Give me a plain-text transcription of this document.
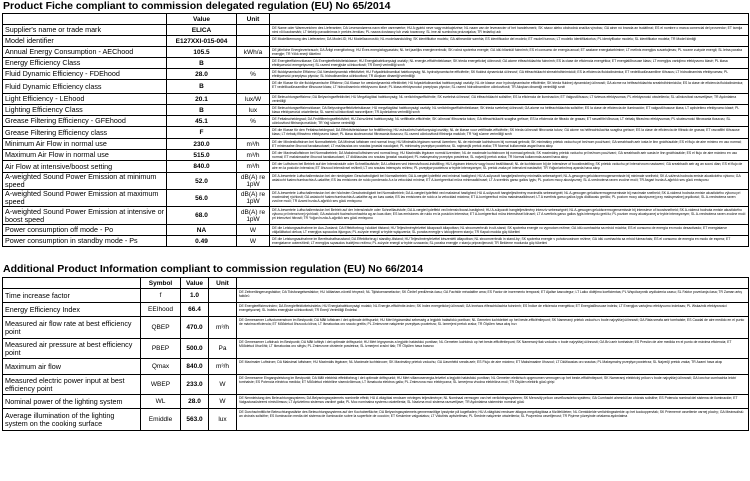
Product Fiche compliant to commission delegated regulation (EU) No 65/2014
	Value	Unit	
Supplier's name or trade mark	ELICA		DE Name oder Warenzeichen des Lieferanten; DA Leverandørens navn eller varemærke; HU A gyártó neve vagy márkajelzése; NL naam van de leverancier of het handelsmerk; SK názov alebo obchodná značka výrobcu; GA ainm nó branda an tsoláthraí; ES el nombre o marca comercial del proveedor; ET tarnija nimi või kaubamärk; LT tiekėjo pavadinimas ir prekės ženklas; PL nazwa dostawcy lub znak towarowy; SL ime ali sumbolna proizvajalca; TR tedarikçi adı
Model identifier	E127XXI-015-004		DE Modellkennung des Lieferanten; DA Model-ID; HU Modellazonosító; NL modelaanduiding; SK identifikátor modelu; GA aitheantóir samhla; ES identificador del modelo; ET mudeli tunnus; LT modelio identifikatorius; PL identyfikator modelu; SL identifikator modela; TR Model kimliği
Annual Energy Consumption - AEChood	105.5	kWh/a	DE jährliche Energieverbrauch; DA Årligt energiforbrug; HU Éves energiafogyasztás; NL het jaarlijks energieverbruik; SK ročná spotreba energie; GA ídiú bliantúil fuinnimh; ES el consumo de energía anual; ET aastane energiatarbimine; LT metinis energijos suvartojimas; PL roczne zużycie energii; SL letna poraba energije; TR Yıllık enerji tüketimi
Energy Efficiency Class	B		DE Energieeffizienzklasse; DA Energieeffektivitetsklasse; HU Energiahatékonysági osztály; NL energie-efficiëntieklasse; SK trieda energetickej účinnosti; GA aicme éifeachtúlachta fuinnimh; ES la clase de eficiencia energética; ET energiatõhususe klass; LT energijos vartojimo efektyvumo klasė; PL klasa efektywności energetycznej; SL razred energijske učinkovitosti; TR Enerji verimliliği sınıfı
Fluid Dynamic Efficiency - FDEhood	28.0	%	DE fluiddynamische Effizienz; DA Væskedynamisk effektivitet; HU Folyadékdinamikai hatékonyság; NL hydrodynamische efficiëntie; SK fluidná dynamická účinnosť; GA éifeachtúlacht shreabhdhinimiciúil; ES la eficiencia fluidodinámica; ET vedelikudünaamiline tõhusus; LT hidrodinaminis efektyvumas; PL efektywność przepływu płynów; SL hidrodinamična učinkovitost; TR Akışkan dinamiği verimliliği
Fluid Dynamic Efficiency class	B		DE die Klasse für die fluiddynamische Effizienz; DA Klasse for væskedynamisk effektivitet; HU folyadékdinamikai hatékonysági osztály; NL de klasse voor hydrodynamische efficiëntie; SK trieda fluidnej dynamickej účinnosti; GA aicme na héifeachtúlachta sreabhdhinimiciúla; ES la clase de eficiencia fluidodinámica; ET vedelikudünaamilise tõhususe klass; LT hidrodinaminio efektyvumo klasė; PL klasa efektywności przepływu płynów; SL razred hidrodinamične učinkovitosti; TR Akışkan dinamiği verimliliği sınıfı
Light Efficiency - LEhood	20.1	lux/W	DE Beleuchtungseffizienz; DA Belysningseffektivitet; HU Megvilágítási hatékonyság; NL verlichtingsefficiëntie; SK svetelná účinnosť; GA éifeachtúlacht soilsithe; ES la eficiencia de iluminación; ET Valgustõhusus; LT šviesos efektyvumas; PL efektywność oświetlenia; SL učinkovitost razsvetljave; TR Aydınlatma verimliliği
Lighting Efficiency Class	B	lux	DE Beleuchtungseffizienzklasse; DA Belysningseffektivitetsklasse; HU megvilágítási hatékonysági osztály; NL verlichtingsefficiëntieklasse; SK trieda svetelnej účinnosti; GA aicme na héifeachtúlachta soilsithe; ES la clase de eficiencia de iluminación; ET valgustõhususe klass; LT apšvietimo efektyvumo klasė; PL klasa efektywności oświetlenia; SL razred učinkovitosti razsvetljave; TR Aydınlatma verimliliği sınıfı
Grease Filtering Efficiency - GFEhood	45.1	%	DE Fettabscheidegrad; DA Fedtfiltreringseffektivitet; HU Zsírszűrési hatékonyság; NL vetfiltratie-efficiëntie; SK účinnosť filtrovania tukov; GA éifeachtúlacht scagtha gréisce; ES la eficiencia de filtrado de grasas; ET rasvafiltri tõhusus; LT riebalų filtravimo efektyvumas; PL skuteczność filtrowania tłuszczu; SL učinkovitost filtriranja maščob; TR Yağ süzme verimliliği
Grease Filtering Efficiency class	F		DE die Klasse für den Fettabscheidegrad; DA Effektivitetsklasse for fedtfiltrering; HU zsírszűrési hatékonysági osztály; NL de klasse voor vetfiltratie-efficiëntie; SK trieda účinnosti filtrovania tukov; GA aicme na héifeachtúlachta scagtha gréisce; ES la clase de eficiencia de filtrado de grasas; ET rasvafiltri tõhususe klass; LT riebalų filtravimo efektyvumo klasė; PL klasa skuteczności filtrowania tłuszczu; SL razred učinkovitosti filtriranja maščob; TR Yağ süzme verimliliği sınıfı
Minimum Air Flow in normal use	230.0	m³/h	DE der Mindestluftstrom bei Normalbetrieb; DA Minimal luftstrøm ved normal brug; HU Minimális légáram normál üzemben; NL de minimale luchtstroom bij normaal gebruik; SK minimálny prietok vzduchu pri bežnom používaní; GA sreabhadh aeir íosta le linn gnáthúsáide; ES el flujo de aire mínimo en uso normal; ET minimaalne õhuvool tavakasutusel; LT mažiausias oro srautas įprastai naudojant; PL minimalny przepływ powietrza; SL najmanjši pretok zraka; TR Normal kullanımda asgari hava akışı
Maximum Air Flow in normal use	515.0	m³/h	DE der Maximalluftstrom bei Normalbetrieb; DA Maksimal luftstrøm ved normal brug; HU Maximális légáram normál üzemben; NL de maximale luchtstroom bij normaal gebruik; SK maximálny prietok vzduchu pri bežnom používaní; GA sreabhadh aeir uasta le linn gnáthúsáide; ES el flujo de aire máximo en uso normal; ET maksimaalne õhuvool tavakasutusel; LT didžiausias oro srautas įprastai naudojant; PL maksymalny przepływ powietrza; SL največji pretok zraka; TR Normal kullanımda azami hava akışı
Air Flow at intensive/boost setting	840.0	m³/h	DE der Luftstrom bei Betrieb auf der Intensivstufe oder Schnelllaufstufe; DA Luftstrøm ved intensiv/boost-indstilling; HU Légáram intenzív vagy boost beállításnál; NL de luchtstroom bij de intensieve of boostinstelling; SK prietok vzduchu pri intenzívnom nastavení; GA sreabhadh aeir ag an socrú dian; ES el flujo de aire en la posición intensiva; ET õhuvool intensiivsel režiimil; LT oro srautas intensyviu režimu; PL przepływ powietrza w trybie intensywnym; SL pretok zraka pri intenzivni nastavitvi; TR Yoğun/artırılmış ayarda hava akışı
A-weighted Sound Power Emission at minimum speed	52.0	dB(A) re 1pW	DE A-bewertete Luftschallemission bei der niedrigsten Geschwindigkeit bei Normalbetrieb; DA A-vægtet lydeffekt ved minimal hastighed; HU A-súlyozott hangteljesítmény minimális sebességnél; NL A-gewogen geluidsvermogensemissie bij minimale snelheid; SK A-vážená hodnota emisie akustického výkonu; GA astaíocht fuaimchumhachta A-ualaithe; ES las emisiones de ruido ponderado A a la velocidad mínima; ET A-korrigeeritud müra minimaalkiirusel; LT A svertinis garso galios lygis; PL poziom mocy akustycznej; SL A-vrednotena raven zvočne moči; TR Asgari hızda A-ağırlıklı ses gücü emisyonu
A-weighted Sound Power Emission at maximum speed	56.0	dB(A) re 1pW	DE A-bewertete Luftschallemission bei der höchsten Geschwindigkeit bei Normalbetrieb; DA A-vægtet lydeffekt ved maksimal hastighed; HU A-súlyozott hangteljesítmény maximális sebességnél; NL A-gewogen geluidsvermogensemissie bij maximale snelheid; SK A-vážená hodnota emisie akustického výkonu pri maximálnej rýchlosti; GA astaíocht fuaimchumhachta A-ualaithe ag an luas uasta; ES las emisiones de ruido a la velocidad máxima; ET A-korrigeeritud müra maksimaalkiirusel; LT A svertinis garso galios lygis didžiausiu greičiu; PL poziom mocy akustycznej przy maksymalnej prędkości; SL A-vrednotena raven zvočne moči; TR Azami hızda A-ağırlıklı ses gücü emisyonu
A-weighted Sound Power Emission at intensive or boost speed	68.0	dB(A) re 1pW	DE A-bewertete Luftschallemission bei Betrieb auf der Intensivstufe oder Schnelllaufstufe; DA A-vægtet lydeffekt ved intensiv/boost-hastighed; HU A-súlyozott hangteljesítmény intenzív sebességnél; NL A-gewogen geluidsvermogensemissie bij intensieve of boostsnelheid; SK A-vážená hodnota emisie akustického výkonu pri intenzívnej rýchlosti; GA astaíocht fuaimchumhachta ag an luas dian; ES las emisiones de ruido en la posición intensiva; ET A-korrigeeritud müra intensiivsel kiirusel; LT A svertinis garso galios lygis intensyviu greičiu; PL poziom mocy akustycznej w trybie intensywnym; SL A-vrednotena raven zvočne moči pri intenzivni hitrosti; TR Yoğun hızda A-ağırlıklı ses gücü emisyonu
Power consumption off mode - Po	NA	W	DE die Leistungsaufnahme im Aus-Zustand; DA Effektforbrug i slukket tilstand; HU Teljesítményfelvétel kikapcsolt állapotban; NL stroomverbruik in uit-stand; SK spotreba energie vo vypnutom režime; GA ídiú cumhachta sa mhód múchta; ES el consumo de energía en modo desactivado; ET energiatarve väljalülitatud olekus; LT energijos sąnaudos išjungus; PL zużycie energii w trybie wyłączenia; SL poraba energije v izklopljenem stanju; TR Kapalı modda güç tüketimi
Power consumption in standby mode - Ps	0.49	W	DE die Leistungsaufnahme im Bereitschaftszustand; DA Effektforbrug i standby-tilstand; HU Teljesítményfelvétel készenléti állapotban; NL stroomverbruik in stand-by; SK spotreba energie v pohotovostnom režime; GA ídiú cumhachta sa mhód fuireachais; ES el consumo de energía en modo de espera; ET energiatarve ooterežiimil; LT energijos sąnaudos budėjimo režimu; PL zużycie energii w trybie czuwania; SL poraba energije v stanju pripravljenosti; TR Bekleme modunda güç tüketimi
Additional Product Information compliant to commission regulation (EU) No 66/2014
	Symbol	Value	Unit	
Time increase factor	f	1.0		DE Zeitverlängerungsfaktor; DA Tidsforøgelsesfaktor; HU Időtartam-növelő tényező; NL Tijdstoenamefactor; SK Činiteľ predĺženia času; GA Fachtóir méadaithe ama; ES Factor de incremento temporal; ET Ajalise kasvutegur; LT Laiko didėjimo koeficientas; PL Współczynnik wydłużenia czasu; SL Faktor povečanja časa; TR Zaman artış faktörü
Energy Efficiency Index	EEIhood	66.4		DE Energieeffizienzindex; DA Energieffektivitetsindeks; HU Energiahatékonysági mutató; NL Energie-efficiëntie-index; SK Index energetickej účinnosti; GA Innéacs éifeachtúlachta fuinnimh; ES Índice de eficiencia energética; ET Energiatõhususe indeks; LT Energijos vartojimo efektyvumo indeksas; PL Wskaźnik efektywności energetycznej; SL Indeks energijske učinkovitosti; TR Enerji Verimliliği Endeksi
Measured air flow rate at best efficiency point	QBEP	470.0	m³/h	DE Gemessener Luftvolumenstrom im Bestpunkt; DA Målt luftstrøm i det optimale driftspunkt; HU Mért légáramlási sebesség a legjobb hatásfokú pontban; NL Gemeten luchtdebiet op het beste-efficiëntiepunt; SK Nameraný prietok vzduchu v bode najvyššej účinnosti; GA Ráta sreafa aeir tomhaiste; ES Caudal de aire medido en el punto de máxima eficiencia; ET Mõõdetud õhuvoolu kiirus; LT Išmatuotas oro srauto greitis; PL Zmierzone natężenie przepływu powietrza; SL Izmerjeni pretok zraka; TR Ölçülen hava akış hızı
Measured air pressure at best efficiency point	PBEP	500.0	Pa	DE Gemessener Luftdruck im Bestpunkt; DA Målt lufttryk i det optimale driftspunkt; HU Mért légnyomás a legjobb hatásfokú pontban; NL Gemeten luchtdruk op het beste-efficiëntiepunt; SK Nameraný tlak vzduchu v bode najvyššej účinnosti; GA Brú aeir tomhaiste; ES Presión de aire medida en el punto de máxima eficiencia; ET Mõõdetud õhurõhk; LT Išmatuotas oro slėgis; PL Zmierzone ciśnienie powietrza; SL Izmerjeni zračni tlak; TR Ölçülen hava basıncı
Maximum air flow	Qmax	840.0	m³/h	DE Maximaler Luftstrom; DA Maksimal luftstrøm; HU Maximális légáram; NL Maximale luchtstroom; SK Maximálny prietok vzduchu; GA Uasmhéid sreafa aeir; ES Flujo de aire máximo; ET Maksimaalne õhuvool; LT Didžiausias oro srautas; PL Maksymalny przepływ powietrza; SL Največji pretok zraka; TR Azami hava akışı
Measured electric power input at best efficiency point	WBEP	233.0	W	DE Gemessene Eingangsleistung im Bestpunkt; DA Målt elektrisk effektforbrug i det optimale driftspunkt; HU Mért villamosenergia-felvétel a legjobb hatásfokú pontban; NL Gemeten elektrisch opgenomen vermogen op het beste-efficiëntiepunt; SK Nameraný elektrický príkon v bode najvyššej účinnosti; GA Ionchur cumhachta leictrí tomhaiste; ES Potencia eléctrica medida; ET Mõõdetud elektriline sisendvõimsus; LT Išmatuota elektros galia; PL Zmierzona moc elektryczna; SL Izmerjena vhodna električna moč; TR Ölçülen elektrik gücü girişi
Nominal power of the lighting system	WL	28.0	W	DE Nennleistung des Beleuchtungssystems; DA Belysningssystemets nominelle effekt; HU A világítási rendszer névleges teljesítménye; NL Nominaal vermogen van het verlichtingssysteem; SK Menovitý príkon osvetľovacieho systému; GA Cumhacht ainmniúil an chórais soilsithe; ES Potencia nominal del sistema de iluminación; ET Valgustussüsteemi nimivõimsus; LT Apšvietimo sistemos vardinė galia; PL Moc nominalna systemu oświetlenia; SL Nazivna moč sistema razsvetljave; TR Aydınlatma sisteminin nominal gücü
Average illumination of the lighting system on the cooking surface	Emiddle	563.0	lux	DE Durchschnittliche Beleuchtungsstärke des Beleuchtungssystems auf der Kochoberfläche; DA Belysningssystemets gennemsnitlige lysstyrke på kogefladen; HU A világítási rendszer átlagos megvilágítása a főzőfelületen; NL Gemiddelde verlichtingssterkte op het kookoppervlak; SK Priemerné osvetlenie varnej plochy; GA Meánsoilsiú an chórais soilsithe; ES Iluminación media del sistema de iluminación sobre la superficie de cocción; ET Keskmine valgustatus; LT Vidutinis apšvietimas; PL Średnie natężenie oświetlenia; SL Povprečna osvetljenost; TR Pişirme yüzeyinde ortalama aydınlatma
